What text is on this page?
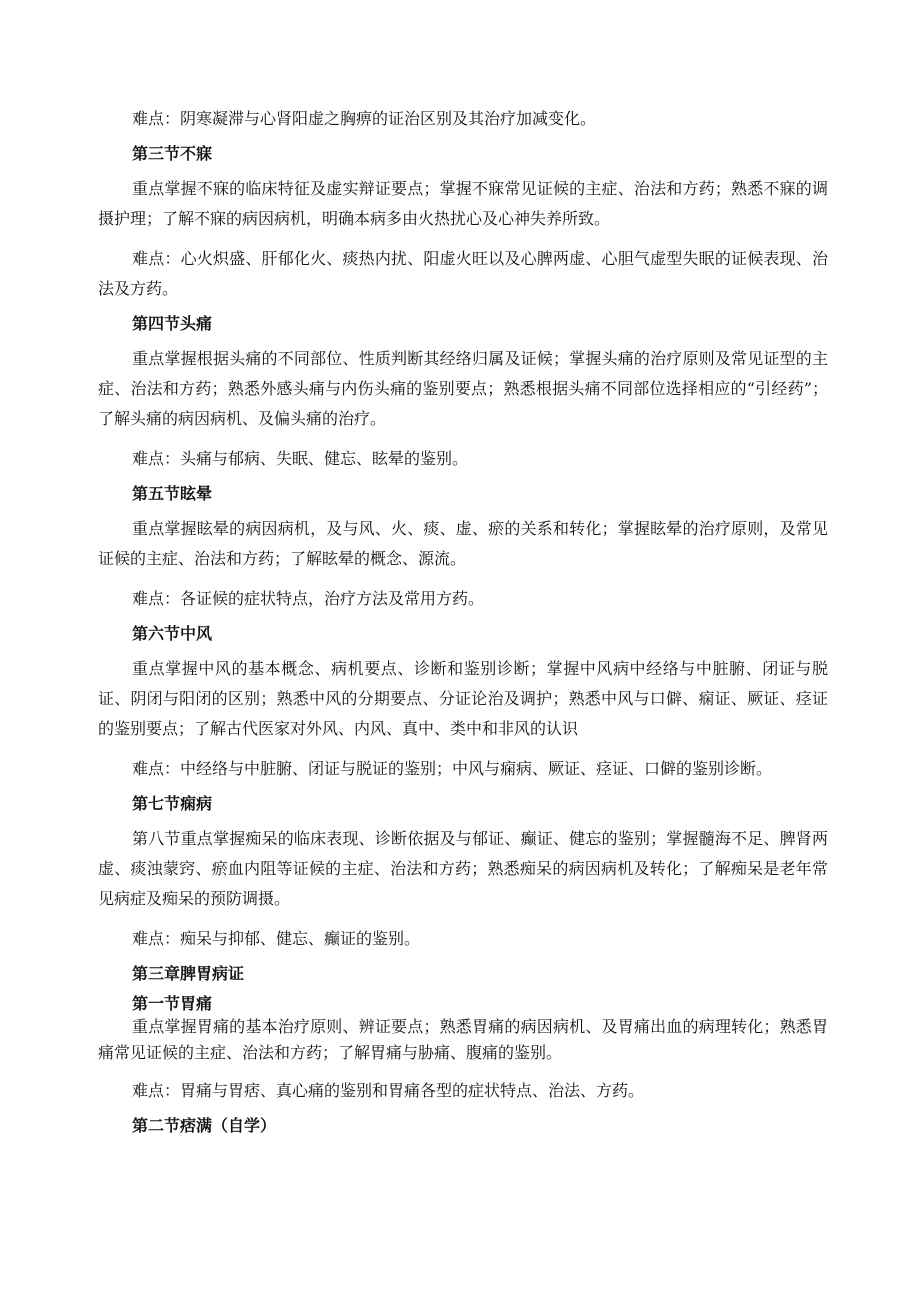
难点：阴寒凝滞与心肾阳虚之胸痹的证治区别及其治疗加减变化。

第三节不寐

重点掌握不寐的临床特征及虚实辩证要点；掌握不寐常见证候的主症、治法和方药；熟悉不寐的调摄护理；了解不寐的病因病机，明确本病多由火热扰心及心神失养所致。

难点：心火炽盛、肝郁化火、痰热内扰、阳虚火旺以及心脾两虚、心胆气虚型失眠的证候表现、治法及方药。

第四节头痛

重点掌握根据头痛的不同部位、性质判断其经络归属及证候；掌握头痛的治疗原则及常见证型的主症、治法和方药；熟悉外感头痛与内伤头痛的鉴别要点；熟悉根据头痛不同部位选择相应的“引经药”；了解头痛的病因病机、及偏头痛的治疗。

难点：头痛与郁病、失眠、健忘、眩晕的鉴别。

第五节眩晕

重点掌握眩晕的病因病机，及与风、火、痰、虚、瘀的关系和转化；掌握眩晕的治疗原则，及常见证候的主症、治法和方药；了解眩晕的概念、源流。

难点：各证候的症状特点，治疗方法及常用方药。

第六节中风

重点掌握中风的基本概念、病机要点、诊断和鉴别诊断；掌握中风病中经络与中脏腑、闭证与脱证、阴闭与阳闭的区别；熟悉中风的分期要点、分证论治及调护；熟悉中风与口僻、痫证、厥证、痉证的鉴别要点；了解古代医家对外风、内风、真中、类中和非风的认识

难点：中经络与中脏腑、闭证与脱证的鉴别；中风与痫病、厥证、痉证、口僻的鉴别诊断。

第七节痫病

第八节重点掌握痴呆的临床表现、诊断依据及与郁证、癫证、健忘的鉴别；掌握髓海不足、脾肾两虚、痰浊蒙窍、瘀血内阻等证候的主症、治法和方药；熟悉痴呆的病因病机及转化；了解痴呆是老年常见病症及痴呆的预防调摄。

难点：痴呆与抑郁、健忘、癫证的鉴别。

第三章脾胃病证
第一节胃痛

重点掌握胃痛的基本治疗原则、辨证要点；熟悉胃痛的病因病机、及胃痛出血的病理转化；熟悉胃痛常见证候的主症、治法和方药；了解胃痛与胁痛、腹痛的鉴别。

难点：胃痛与胃痞、真心痛的鉴别和胃痛各型的症状特点、治法、方药。

第二节痞满（自学）
